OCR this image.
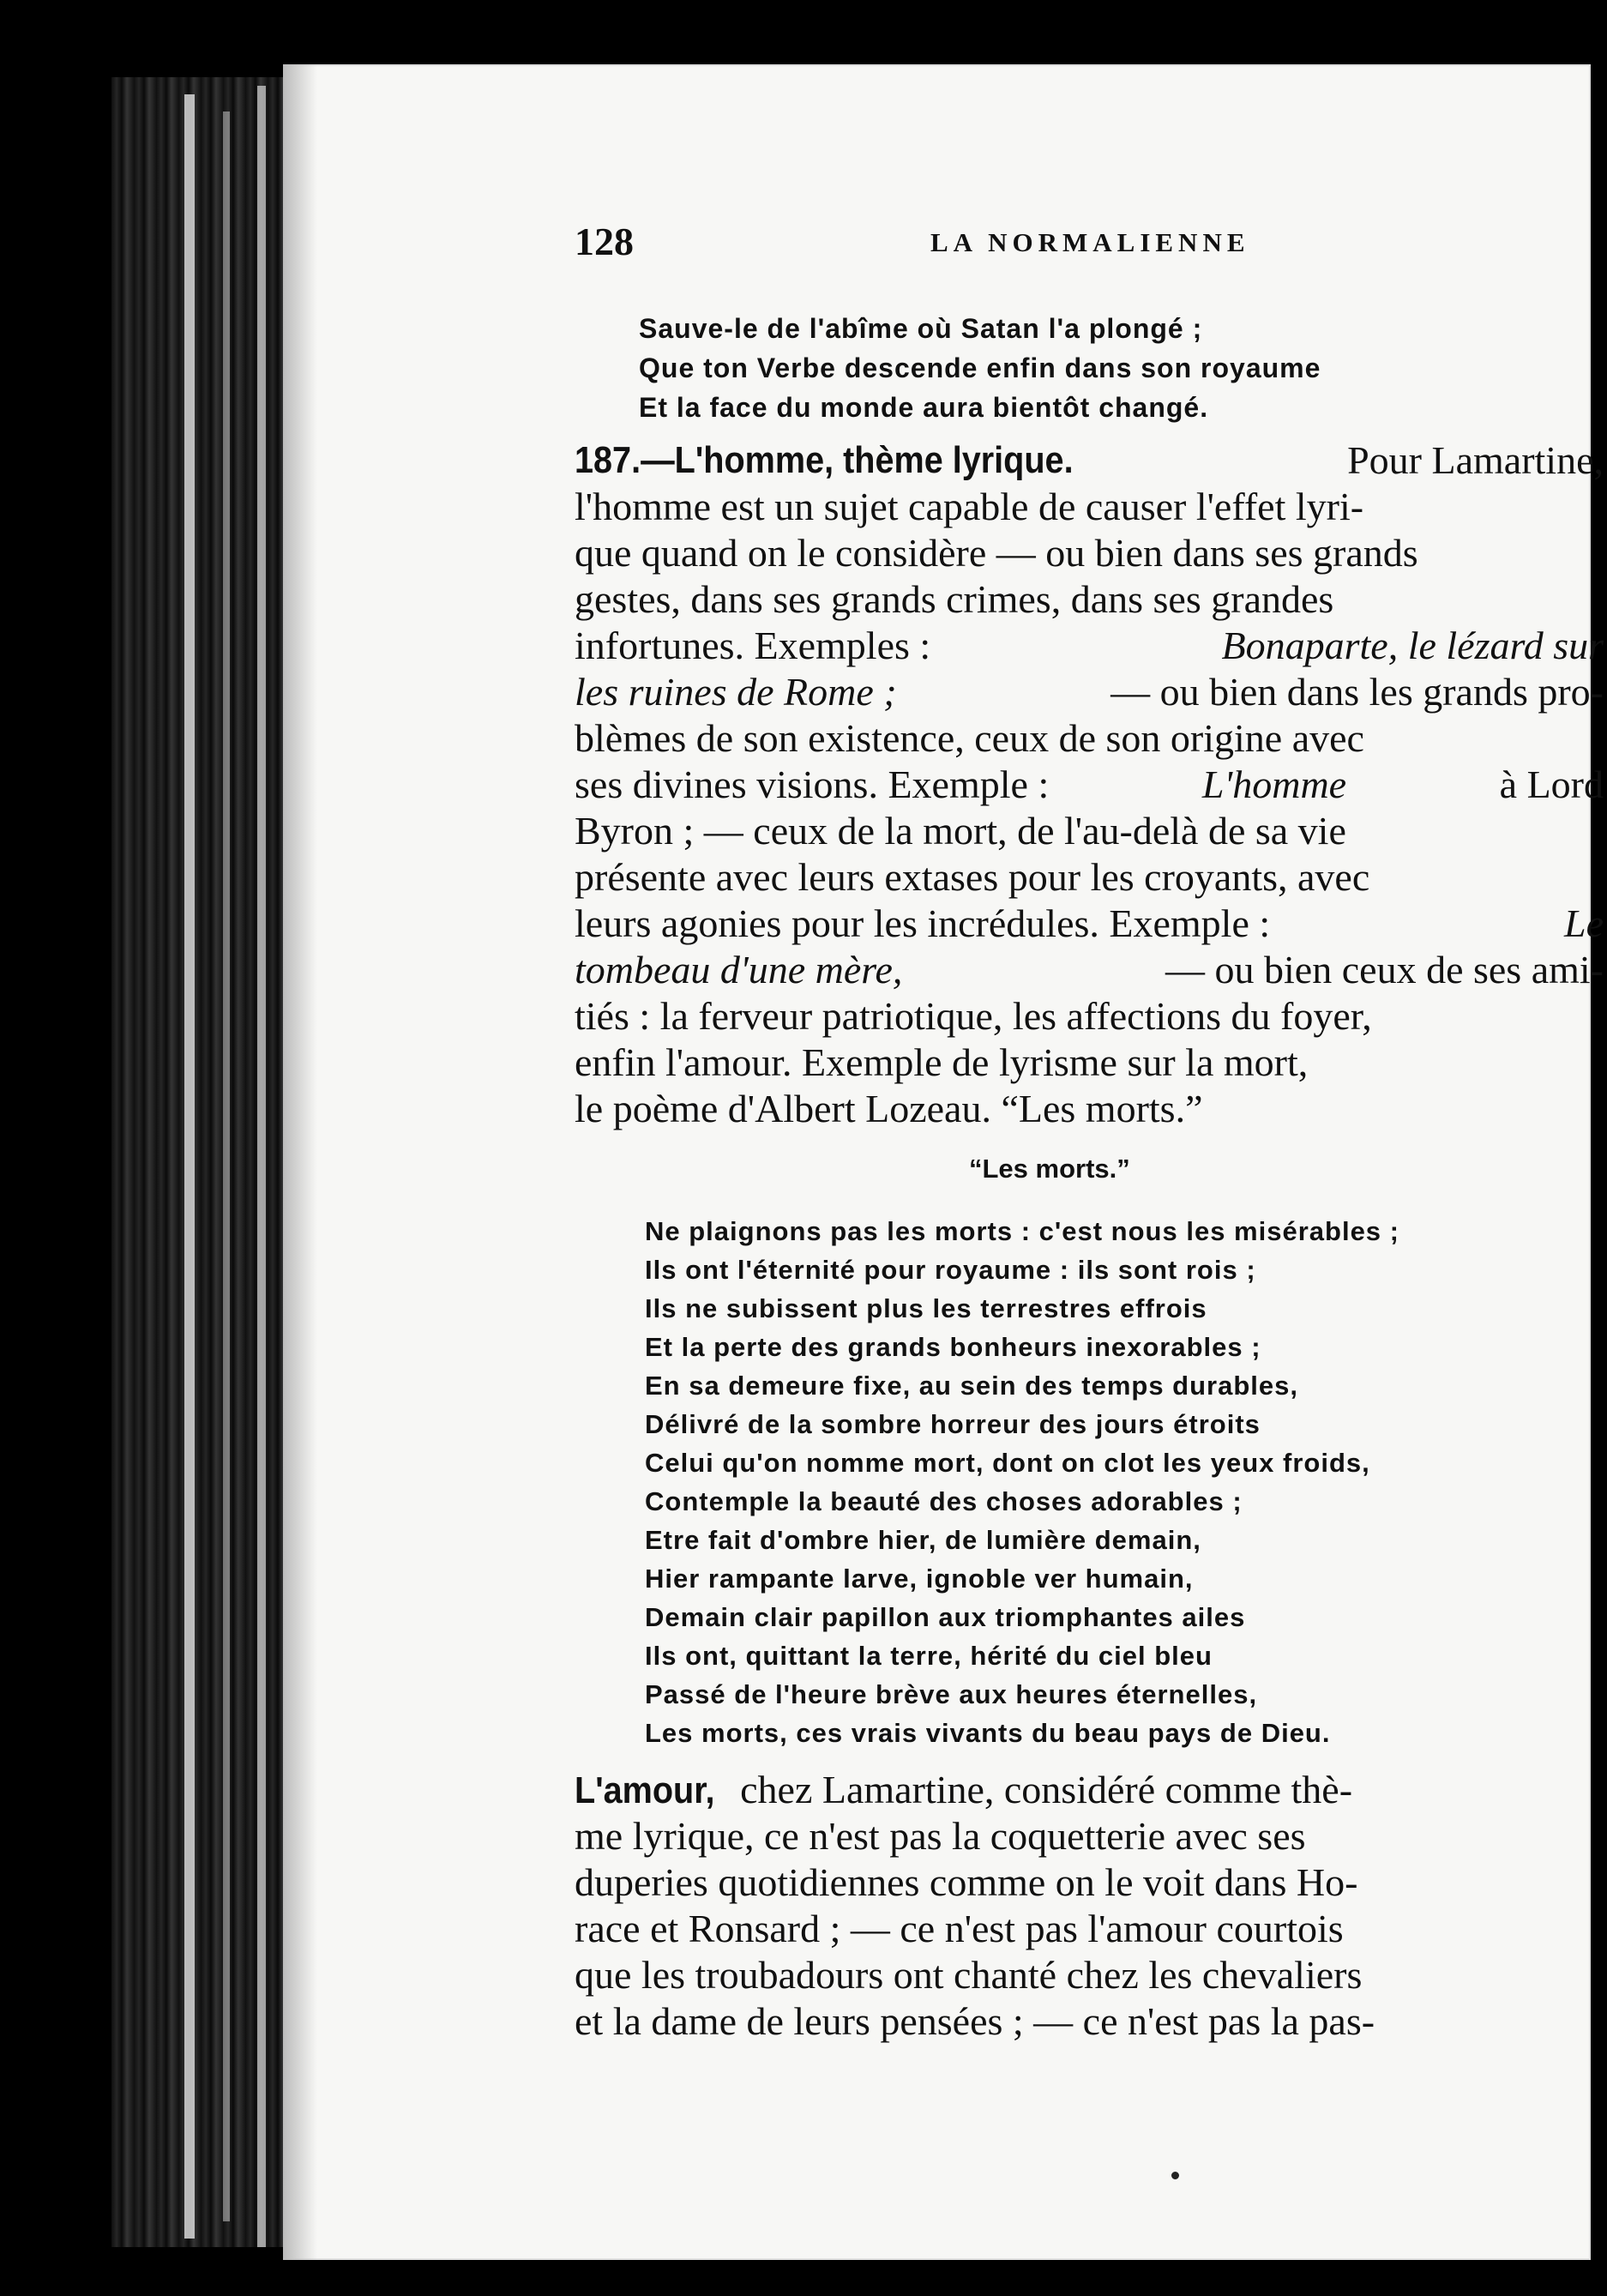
128	LA NORMALIENNE
Sauve-le de l'abîme où Satan l'a plongé ;
Que ton Verbe descende enfin dans son royaume
Et la face du monde aura bientôt changé.
187.—L'homme, thème lyrique.	Pour Lamartine,
l'homme est un sujet capable de causer l'effet lyri-
que quand on le considère — ou bien dans ses grands
gestes, dans ses grands crimes, dans ses grandes
infortunes. Exemples :	Bonaparte, le lézard sur
les ruines de Rome ;	— ou bien dans les grands pro-
blèmes de son existence, ceux de son origine avec
ses divines visions. Exemple :	L'homme	à Lord
Byron ; — ceux de la mort, de l'au-delà de sa vie
présente avec leurs extases pour les croyants, avec
leurs agonies pour les incrédules. Exemple :	Le
tombeau d'une mère,	— ou bien ceux de ses ami-
tiés : la ferveur patriotique, les affections du foyer,
enfin l'amour. Exemple de lyrisme sur la mort,
le poème d'Albert Lozeau. “Les morts.”
“Les morts.”
Ne plaignons pas les morts : c'est nous les misérables ;
Ils ont l'éternité pour royaume : ils sont rois ;
Ils ne subissent plus les terrestres effrois
Et la perte des grands bonheurs inexorables ;
En sa demeure fixe, au sein des temps durables,
Délivré de la sombre horreur des jours étroits
Celui qu'on nomme mort, dont on clot les yeux froids,
Contemple la beauté des choses adorables ;
Etre fait d'ombre hier, de lumière demain,
Hier rampante larve, ignoble ver humain,
Demain clair papillon aux triomphantes ailes
Ils ont, quittant la terre, hérité du ciel bleu
Passé de l'heure brève aux heures éternelles,
Les morts, ces vrais vivants du beau pays de Dieu.
L'amour, chez Lamartine, considéré comme thè-
me lyrique, ce n'est pas la coquetterie avec ses
duperies quotidiennes comme on le voit dans Ho-
race et Ronsard ; — ce n'est pas l'amour courtois
que les troubadours ont chanté chez les chevaliers
et la dame de leurs pensées ; — ce n'est pas la pas-
